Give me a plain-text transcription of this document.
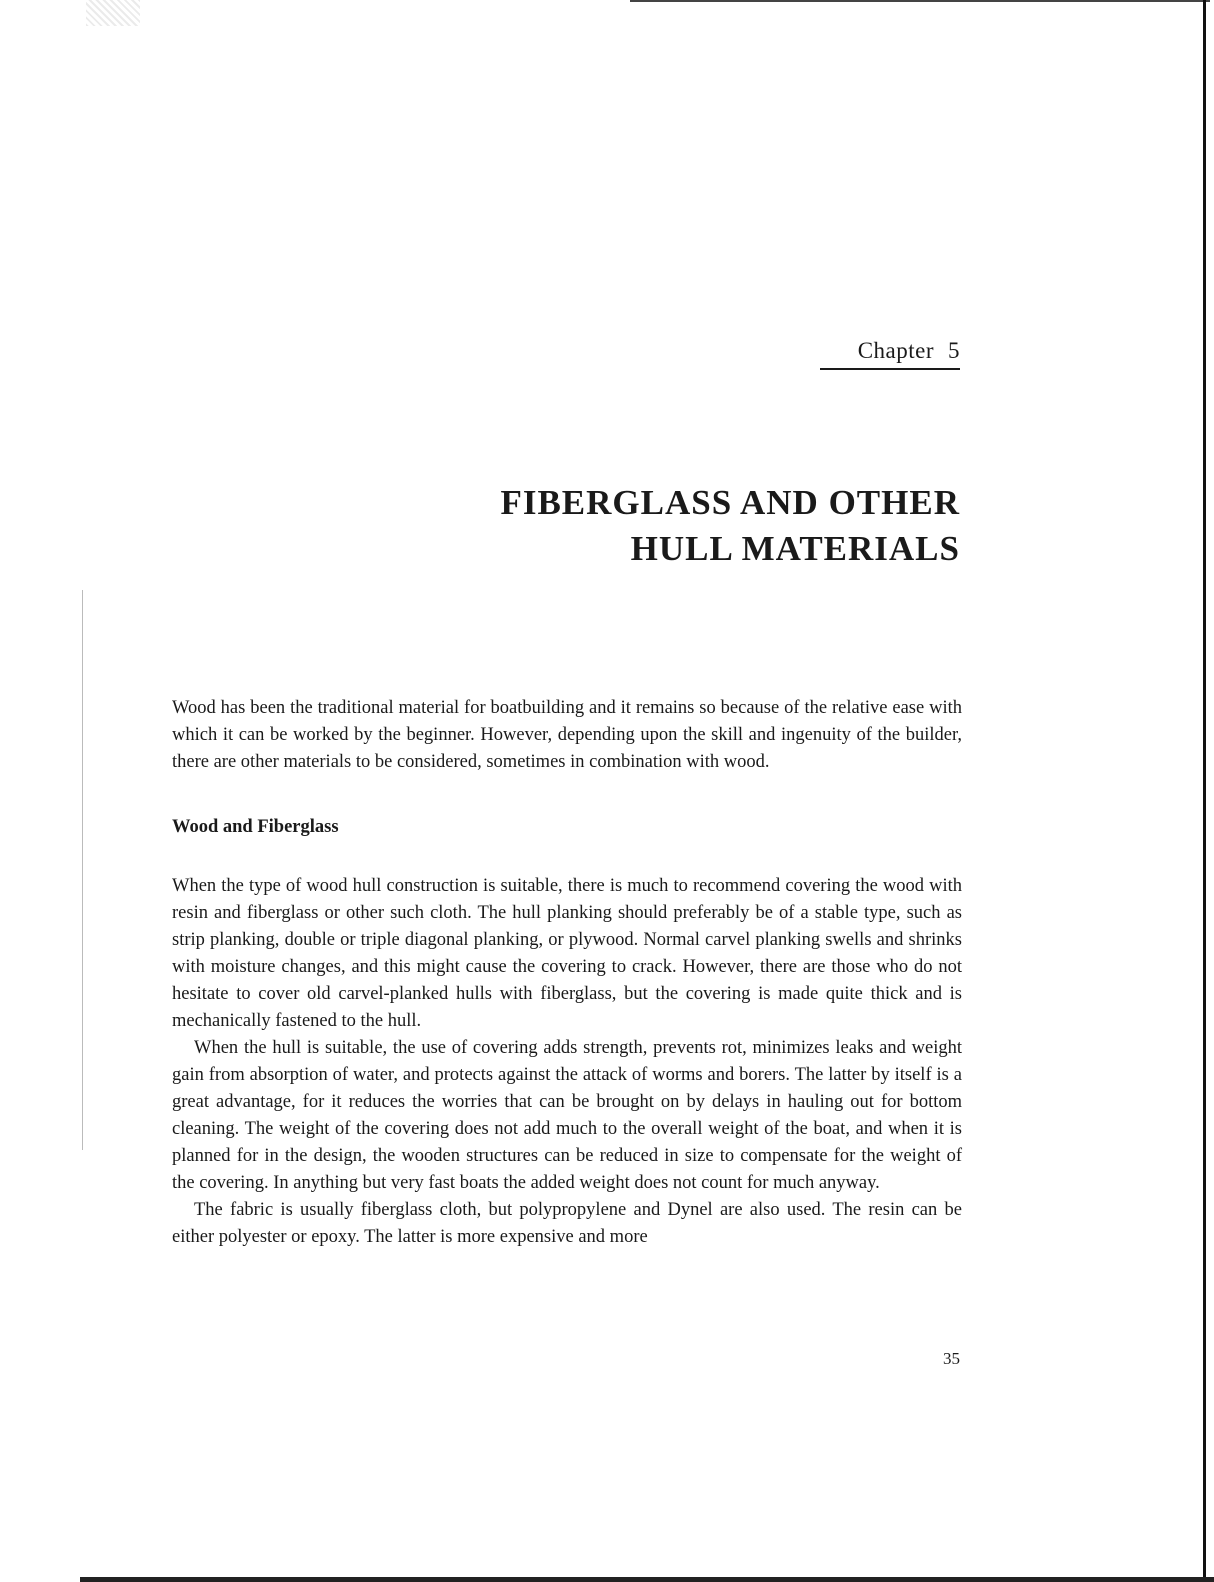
Chapter 5
FIBERGLASS AND OTHER
HULL MATERIALS

Wood has been the traditional material for boatbuilding and it remains so because of the relative ease with which it can be worked by the beginner. However, depending upon the skill and ingenuity of the builder, there are other materials to be considered, sometimes in combination with wood.

Wood and Fiberglass

When the type of wood hull construction is suitable, there is much to recommend covering the wood with resin and fiberglass or other such cloth. The hull planking should preferably be of a stable type, such as strip planking, double or triple diagonal planking, or plywood. Normal carvel planking swells and shrinks with moisture changes, and this might cause the covering to crack. However, there are those who do not hesitate to cover old carvel-planked hulls with fiberglass, but the covering is made quite thick and is mechanically fastened to the hull.

When the hull is suitable, the use of covering adds strength, prevents rot, minimizes leaks and weight gain from absorption of water, and protects against the attack of worms and borers. The latter by itself is a great advantage, for it reduces the worries that can be brought on by delays in hauling out for bottom cleaning. The weight of the covering does not add much to the overall weight of the boat, and when it is planned for in the design, the wooden structures can be reduced in size to compensate for the weight of the covering. In anything but very fast boats the added weight does not count for much anyway.

The fabric is usually fiberglass cloth, but polypropylene and Dynel are also used. The resin can be either polyester or epoxy. The latter is more expensive and more

35
